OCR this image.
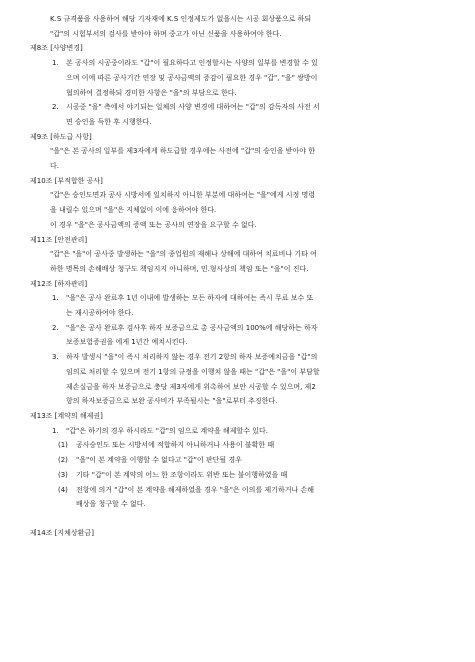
K.S 규격품을 사용하여 해당 기자재에 K.S 인정제도가 없을시는 시공 회상품으로 하되

"갑"의 시험부서의 검사를 받아야 하며 중고가 아닌 신품을 사용하여야 한다.

제8조 [사양변경]

1.	본 공사의 시공중이라도 "갑"이 필요하다고 인정할시는 사양의 일부를 변경할 수 있

으며 이에 따른 공사기간 연장 및 공사금액의 증감이 필요한 경우 "갑", "을" 쌍방이

협의하여 결정하되 경미한 사항은 "을"의 부담으로 한다.

2.	시공중 "을" 측에서 야기되는 일체의 사양 변경에 대하여는 "갑"의 감독자의 사전 서

면 승인을 득한 후 시행한다.

제9조 [하도급 사항]

"을"은 본 공사의 일부를 제3자에게 하도급할 경우에는 사전에 "갑"의 승인을 받아야 한

다.

제10조 [부적합한 공사]

"갑"은 승인도면과 공사 시방서에 일치하지 아니한 부분에 대하여는 "을"에게 시정 명령

을 내릴수 있으며 "을"은 지체없이 이에 응하여야 한다.

이 경우 "을"은 공사금액의 증액 또는 공사의 연장을 요구할 수 없다.

제11조 [안전관리]

"갑"은 "을"이 공사중 발생하는 "을"의 종업원의 재해나 상해에 대하여 치료비나 기타 여

하한 명목의 손해배상 청구도 책임지지 아니하며, 민.형사상의 책임 또는 "을"이 진다.

제12조 [하자관리]

1.	"을"은 공사 완료후 1년 이내에 발생하는 모든 하자에 대하여는 즉시 무료 보수 또

는 재시공하여야 한다.

2.	"을"은 공사 완료후 검사후 하자 보증금으로 총 공사금액의 100%에 해당하는 하자

보증보험증권을 에게 1년간 예치시킨다.

3.	하자 발생시 "을"이 즉시 처리하지 않는 경우 전기 2항의 하자 보증예치금을 "갑"의

임의로 처리할 수 있으며 전기 1항의 규정을 이행치 않을 때는 "갑"은 "을"이 부담할

제손실금을 하자 보증금으로 충당 제3자에게 위촉하여 보안 시공할 수 있으며, 제2

항의 하자보증금으로 보완 공사비가 부족될시는 "을"로부터 추징한다.

제13조 [계약의 해제권]

1.	"갑"은 하기의 경우 하시라도 "갑"의 임으로 계약을 해제할수 있다.

(1)	공사승인도 또는 시방서에 적합하지 아니하거나 사용이 불확한 때

(2)	"을"이 본 계약을 이행할 수 없다고 "갑"이 판단될 경우

(3)	기타 "갑"이 본 계약의 어느 한 조항이라도 위반 또는 불이행하였을 때

(4)	전항에 의거 "갑"이 본 계약을 해제하였을 경우 "을"은 이의를 제기하거나 손해

배상을 청구할 수 없다.

제14조 [지체상환금]
